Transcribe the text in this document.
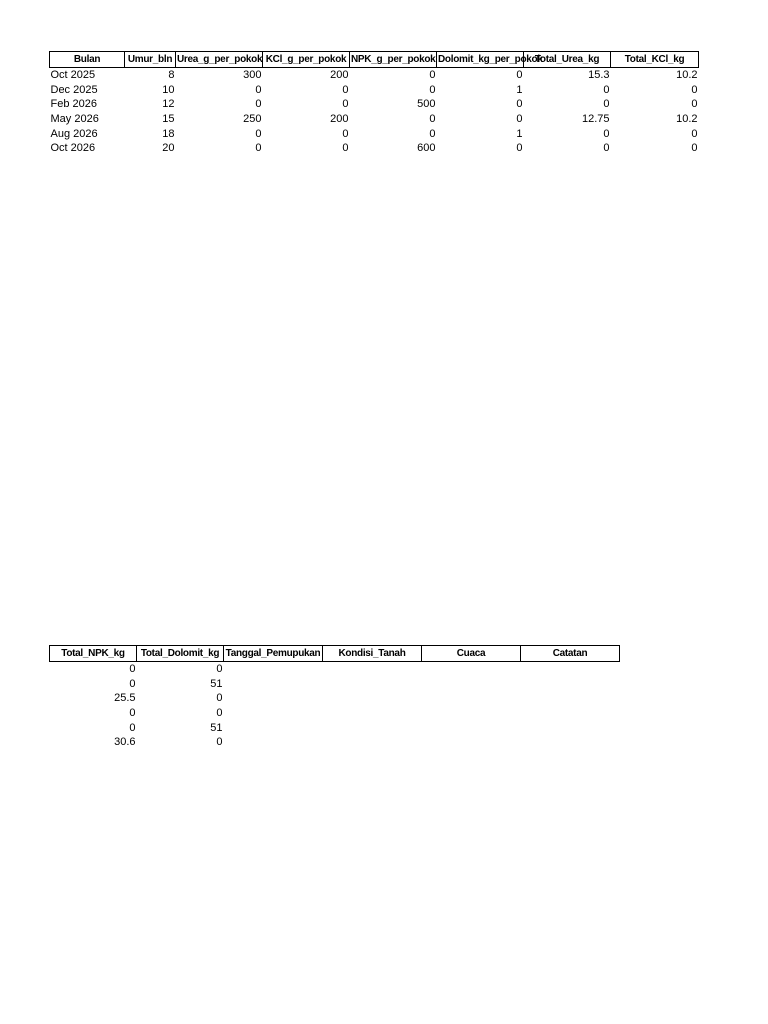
Bulan	Umur_bln	Urea_g_per_pokok	KCl_g_per_pokok	NPK_g_per_pokok	Dolomit_kg_per_pokok	Total_Urea_kg	Total_KCl_kg
Oct 2025	8	300	200	0	0	15.3	10.2
Dec 2025	10	0	0	0	1	0	0
Feb 2026	12	0	0	500	0	0	0
May 2026	15	250	200	0	0	12.75	10.2
Aug 2026	18	0	0	0	1	0	0
Oct 2026	20	0	0	600	0	0	0
Total_NPK_kg	Total_Dolomit_kg	Tanggal_Pemupukan	Kondisi_Tanah	Cuaca	Catatan
0	0				
0	51				
25.5	0				
0	0				
0	51				
30.6	0				
